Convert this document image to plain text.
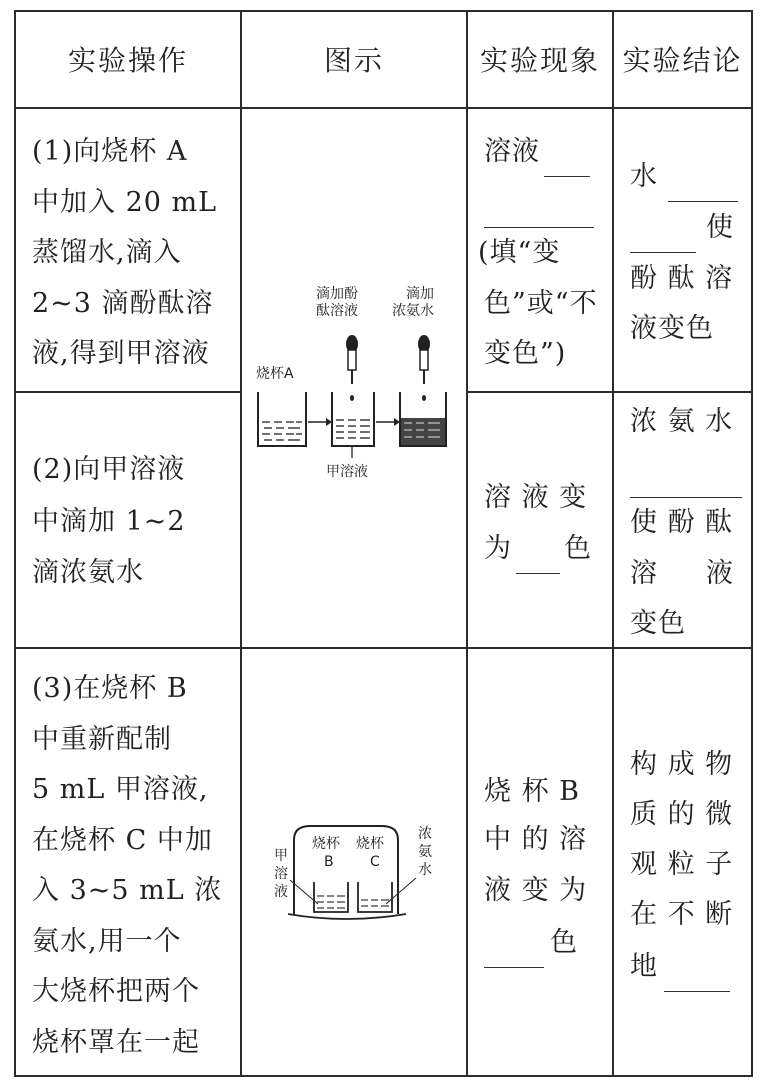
实验操作	图示	实验现象 实验结论
(1)向烧杯 A
中加入 20 mL
蒸馏水,滴入
2~3 滴酚酞溶
液,得到甲溶液
溶液
(填“变
色”或“不
变色”)
水
使
酚 酞 溶
液变色
(2)向甲溶液
中滴加 1~2
滴浓氨水
溶 液 变
为 色
浓 氨 水
使 酚 酞
溶     液
变色
(3)在烧杯 B
中重新配制
5 mL 甲溶液,
在烧杯 C 中加
入 3~5 mL 浓
氨水,用一个
大烧杯把两个
烧杯罩在一起
烧 杯 B
中 的 溶
液 变 为
色
构 成 物
质 的 微
观 粒 子
在 不 断
地
滴加酚
酞溶液
滴加
浓氨水
烧杯A
甲溶液
烧杯
B
烧杯
C
甲
溶
液
浓
氨
水
